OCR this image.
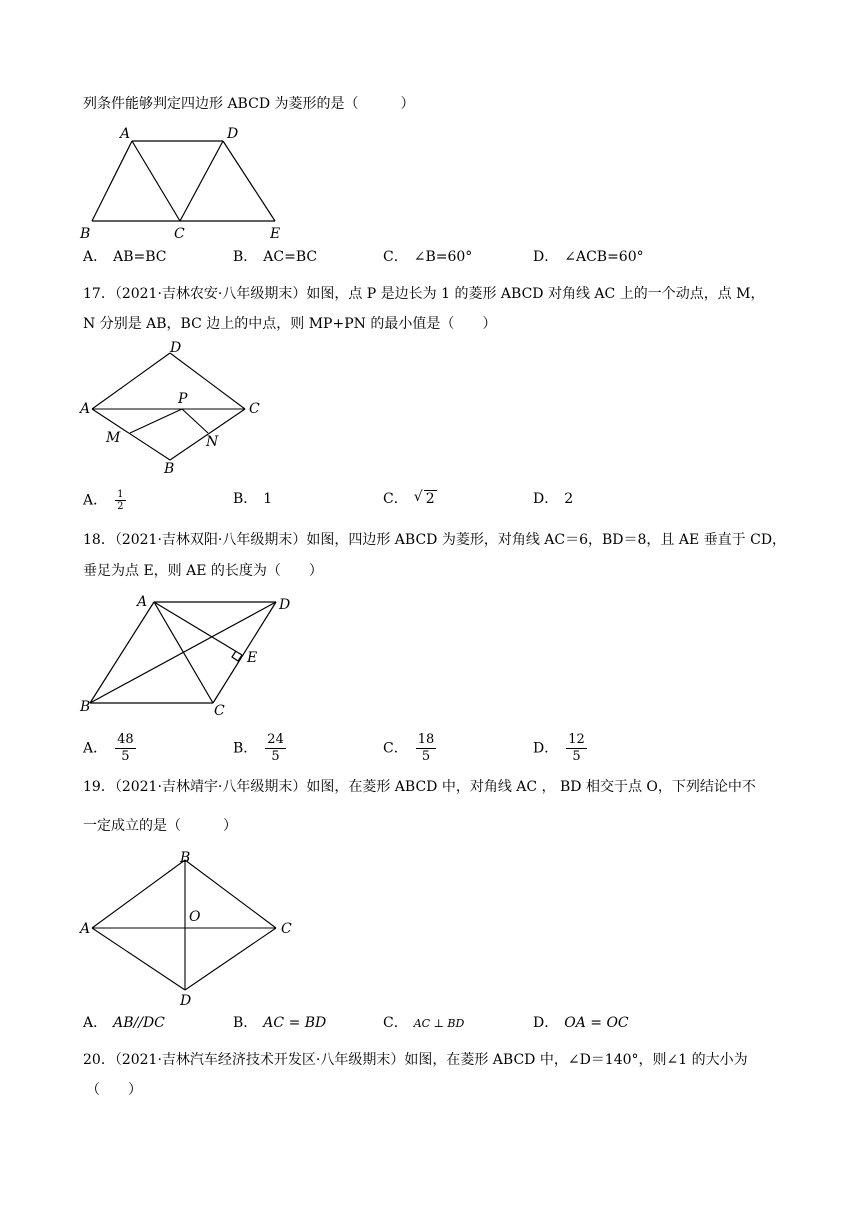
列条件能够判定四边形 ABCD 为菱形的是（　　　）
A	D
B	C	E
A． AB=BC	B． AC=BC	C． ∠B=60°	D． ∠ACB=60°
17．（2021·吉林农安·八年级期末）如图，点 P 是边长为 1 的菱形 ABCD 对角线 AC 上的一个动点，点 M，
N 分别是 AB，BC 边上的中点，则 MP+PN 的最小值是（　　）
D
A
P
C
M	N
B
A． $\frac{1}{2}$	B． 1	C． √ 2	D． 2
18．（2021·吉林双阳·八年级期末）如图，四边形 ABCD 为菱形，对角线 AC＝6，BD＝8，且 AE 垂直于 CD，
垂足为点 E，则 AE 的长度为（　　）
A	D
E
B	C
A． $\frac{48}{5}$	B． $\frac{24}{5}$	C． $\frac{18}{5}$	D． $\frac{12}{5}$
19．（2021·吉林靖宇·八年级期末）如图，在菱形 ABCD 中，对角线 AC ， BD 相交于点 O，下列结论中不
一定成立的是（　　　）
B
A
O
C
D
A． AB//DC	B． AC = BD	C． AC ⊥ BD	D． OA = OC
20．（2021·吉林汽车经济技术开发区·八年级期末）如图，在菱形 ABCD 中，∠D＝140°，则∠1 的大小为
（　　）
